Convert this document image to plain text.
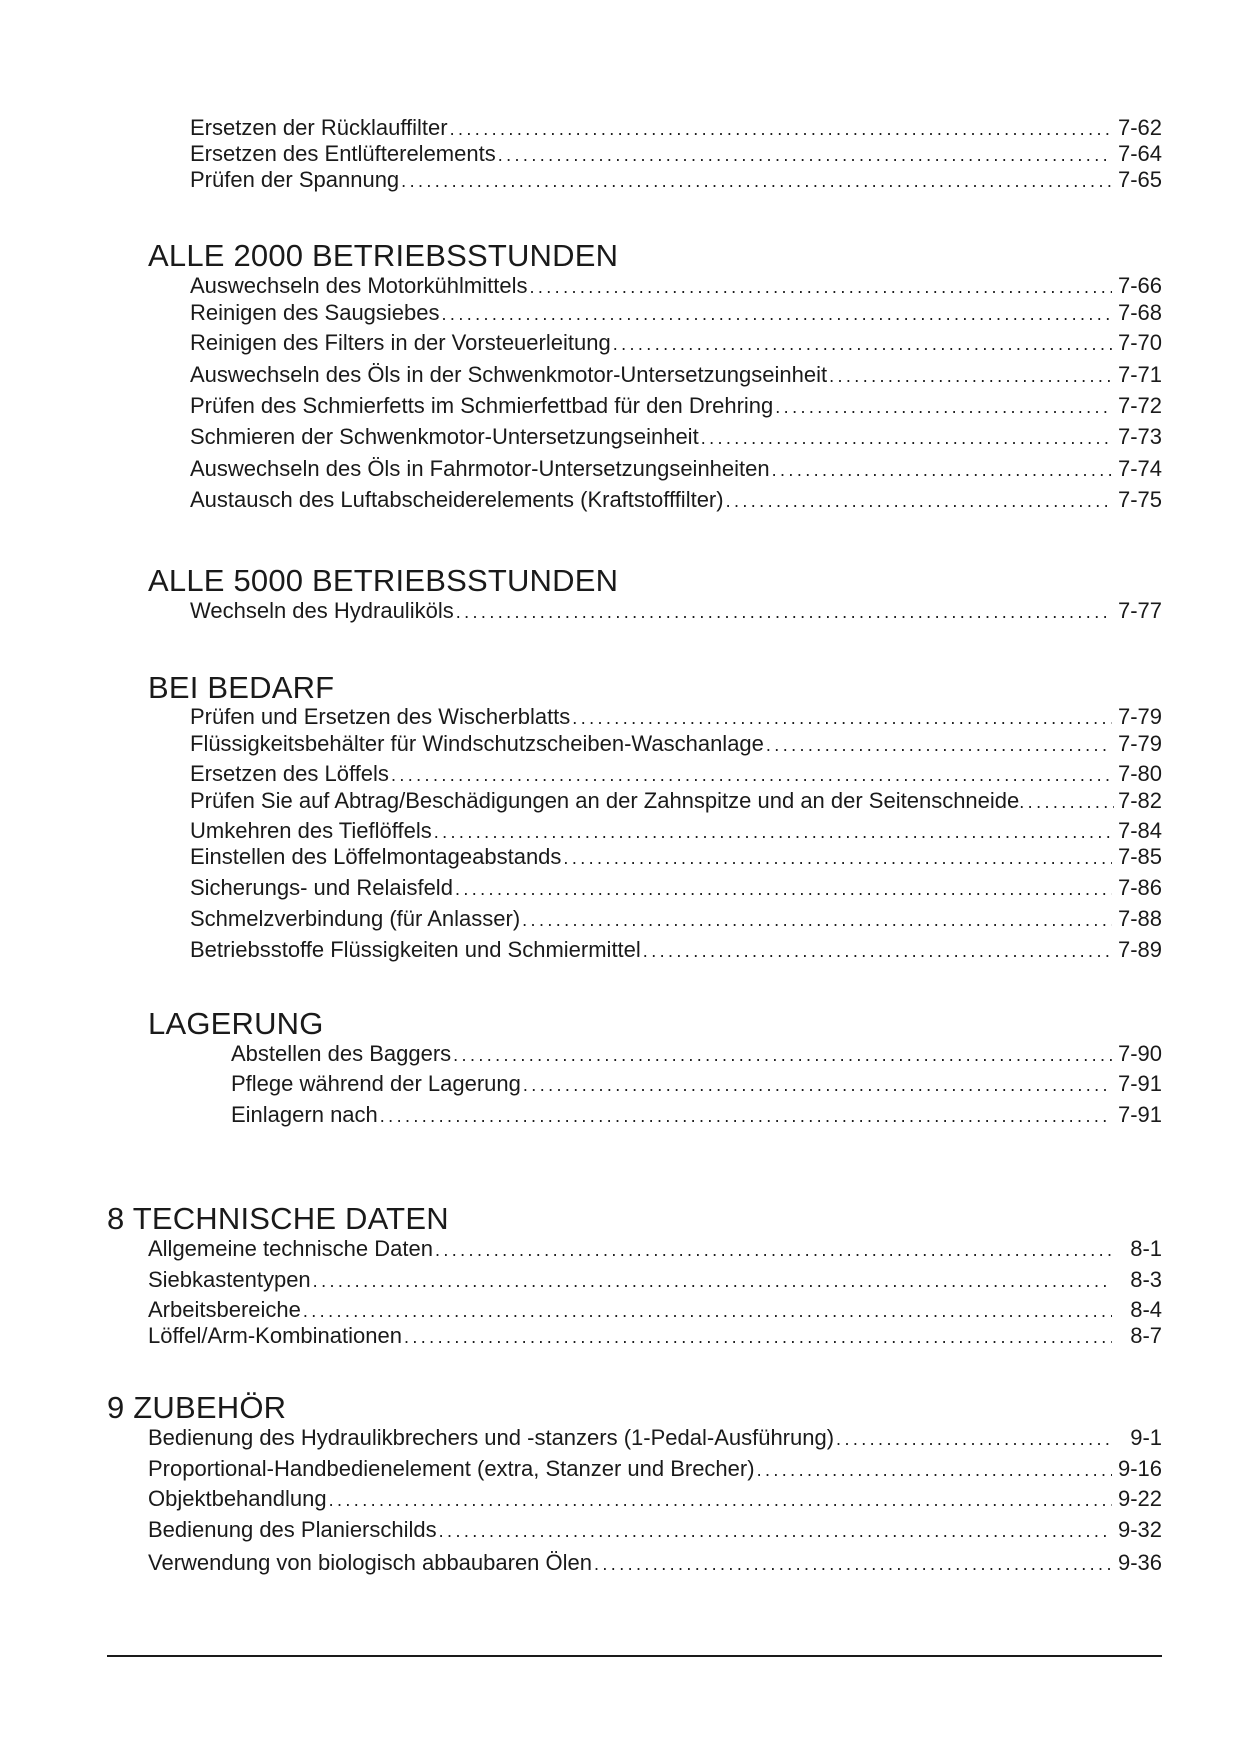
Ersetzen der Rücklauffilter .....	7-62
Ersetzen des Entlüfterelements .....	7-64
Prüfen der Spannung .....	7-65
ALLE 2000 BETRIEBSSTUNDEN
Auswechseln des Motorkühlmittels .....	7-66
Reinigen des Saugsiebes .....	7-68
Reinigen des Filters in der Vorsteuerleitung .....	7-70
Auswechseln des Öls in der Schwenkmotor-Untersetzungseinheit .....	7-71
Prüfen des Schmierfetts im Schmierfettbad für den Drehring .....	7-72
Schmieren der Schwenkmotor-Untersetzungseinheit .....	7-73
Auswechseln des Öls in Fahrmotor-Untersetzungseinheiten .....	7-74
Austausch des Luftabscheiderelements (Kraftstofffilter) .....	7-75
ALLE 5000 BETRIEBSSTUNDEN
Wechseln des Hydrauliköls .....	7-77
BEI BEDARF
Prüfen und Ersetzen des Wischerblatts .....	7-79
Flüssigkeitsbehälter für Windschutzscheiben-Waschanlage .....	7-79
Ersetzen des Löffels .....	7-80
Prüfen Sie auf Abtrag/Beschädigungen an der Zahnspitze und an der Seitenschneide .....	7-82
Umkehren des Tieflöffels .....	7-84
Einstellen des Löffelmontageabstands .....	7-85
Sicherungs- und Relaisfeld .....	7-86
Schmelzverbindung (für Anlasser) .....	7-88
Betriebsstoffe Flüssigkeiten und Schmiermittel .....	7-89
LAGERUNG
Abstellen des Baggers .....	7-90
Pflege während der Lagerung .....	7-91
Einlagern nach .....	7-91
8 TECHNISCHE DATEN
Allgemeine technische Daten .....	8-1
Siebkastentypen .....	8-3
Arbeitsbereiche .....	8-4
Löffel/Arm-Kombinationen .....	8-7
9 ZUBEHÖR
Bedienung des Hydraulikbrechers und -stanzers (1-Pedal-Ausführung) .....	9-1
Proportional-Handbedienelement (extra, Stanzer und Brecher) .....	9-16
Objektbehandlung .....	9-22
Bedienung des Planierschilds .....	9-32
Verwendung von biologisch abbaubaren Ölen .....	9-36
